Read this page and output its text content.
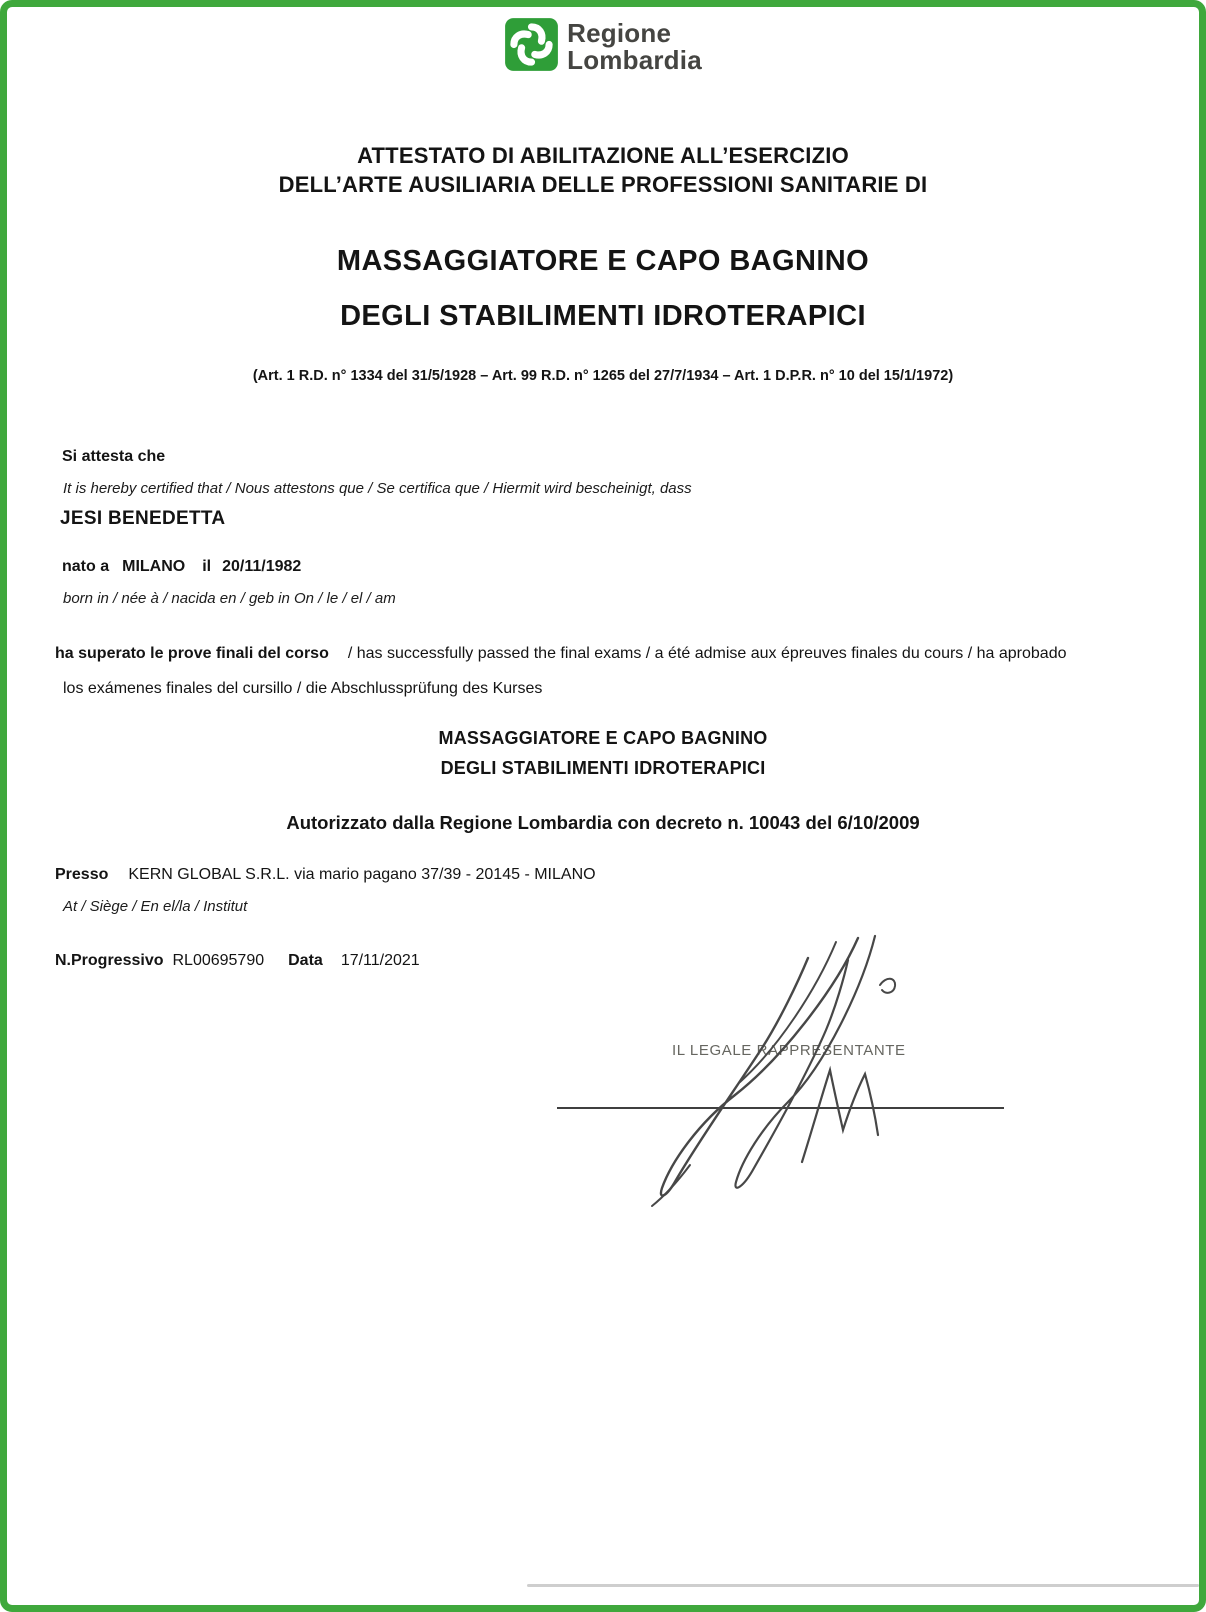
Regione
Lombardia
ATTESTATO DI ABILITAZIONE ALL’ESERCIZIO
DELL’ARTE AUSILIARIA DELLE PROFESSIONI SANITARIE DI
MASSAGGIATORE E CAPO BAGNINO
DEGLI STABILIMENTI IDROTERAPICI
(Art. 1 R.D. n° 1334 del 31/5/1928 – Art. 99 R.D. n° 1265 del 27/7/1934 – Art. 1 D.P.R. n° 10 del 15/1/1972)
Si attesta che
It is hereby certified that / Nous attestons que / Se certifica que / Hiermit wird bescheinigt, dass
JESI BENEDETTA
nato a MILANO il 20/11/1982
born in / née à / nacida en / geb in On / le / el / am
ha superato le prove finali del corso / has successfully passed the final exams / a été admise aux épreuves finales du cours / ha aprobado
los exámenes finales del cursillo / die Abschlussprüfung des Kurses
MASSAGGIATORE E CAPO BAGNINO
DEGLI STABILIMENTI IDROTERAPICI
Autorizzato dalla Regione Lombardia con decreto n. 10043 del 6/10/2009
Presso KERN GLOBAL S.R.L. via mario pagano 37/39 - 20145 - MILANO
At / Siège / En el/la / Institut
N.Progressivo RL00695790 Data 17/11/2021
IL LEGALE RAPPRESENTANTE
